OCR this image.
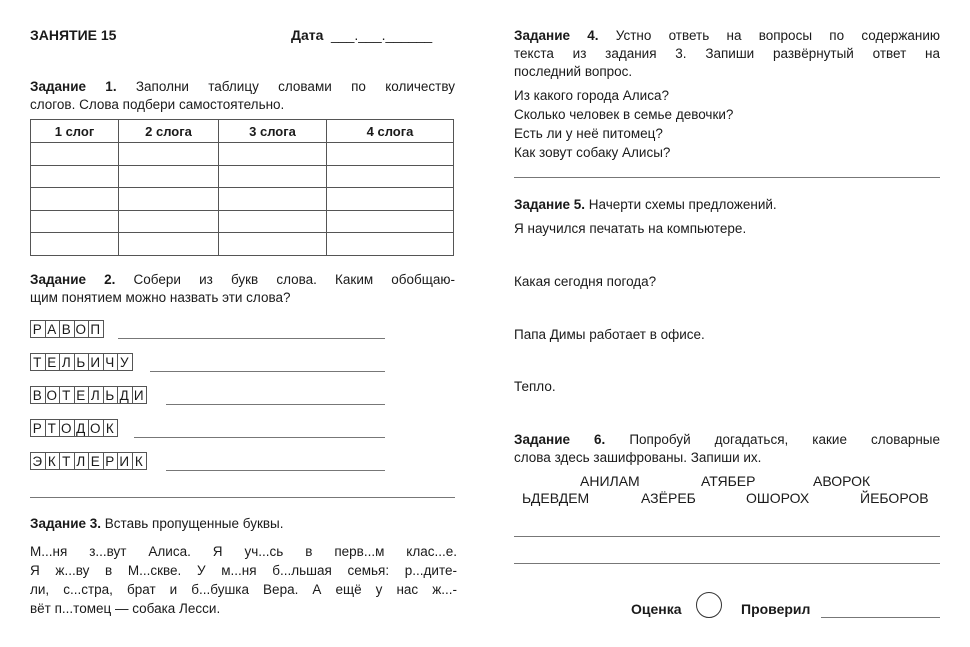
ЗАНЯТИЕ 15	Дата ___.___.______
Задание 1. Заполни таблицу словами по количеству
слогов. Слова подбери самостоятельно.
1 слог	2 слога	3 слога	4 слога

Задание 2. Собери из букв слова. Каким обобщаю-
щим понятием можно назвать эти слова?
Р А В О П
Т Е Л Ь И Ч У
В О Т Е Л Ь Д И
Р Т О Д О К
Э К Т Л Е Р И К
Задание 3. Вставь пропущенные буквы.
М...ня з...вут Алиса. Я уч...сь в перв...м клас...е.
Я ж...ву в М...скве. У м...ня б...льшая семья: р...дите-
ли, с...стра, брат и б...бушка Вера. А ещё у нас ж...-
вёт п...томец — собака Лесси.
Задание 4. Устно ответь на вопросы по содержанию
текста из задания 3. Запиши развёрнутый ответ на
последний вопрос.
Из какого города Алиса?
Сколько человек в семье девочки?
Есть ли у неё питомец?
Как зовут собаку Алисы?
Задание 5. Начерти схемы предложений.
Я научился печатать на компьютере.
Какая сегодня погода?
Папа Димы работает в офисе.
Тепло.
Задание 6. Попробуй догадаться, какие словарные
слова здесь зашифрованы. Запиши их.
АНИЛАМ	АТЯБЕР	АВОРОК
ЬДЕВДЕМ	АЗЁРЕБ	ОШОРОХ	ЙЕБОРОВ
Оценка	Проверил
